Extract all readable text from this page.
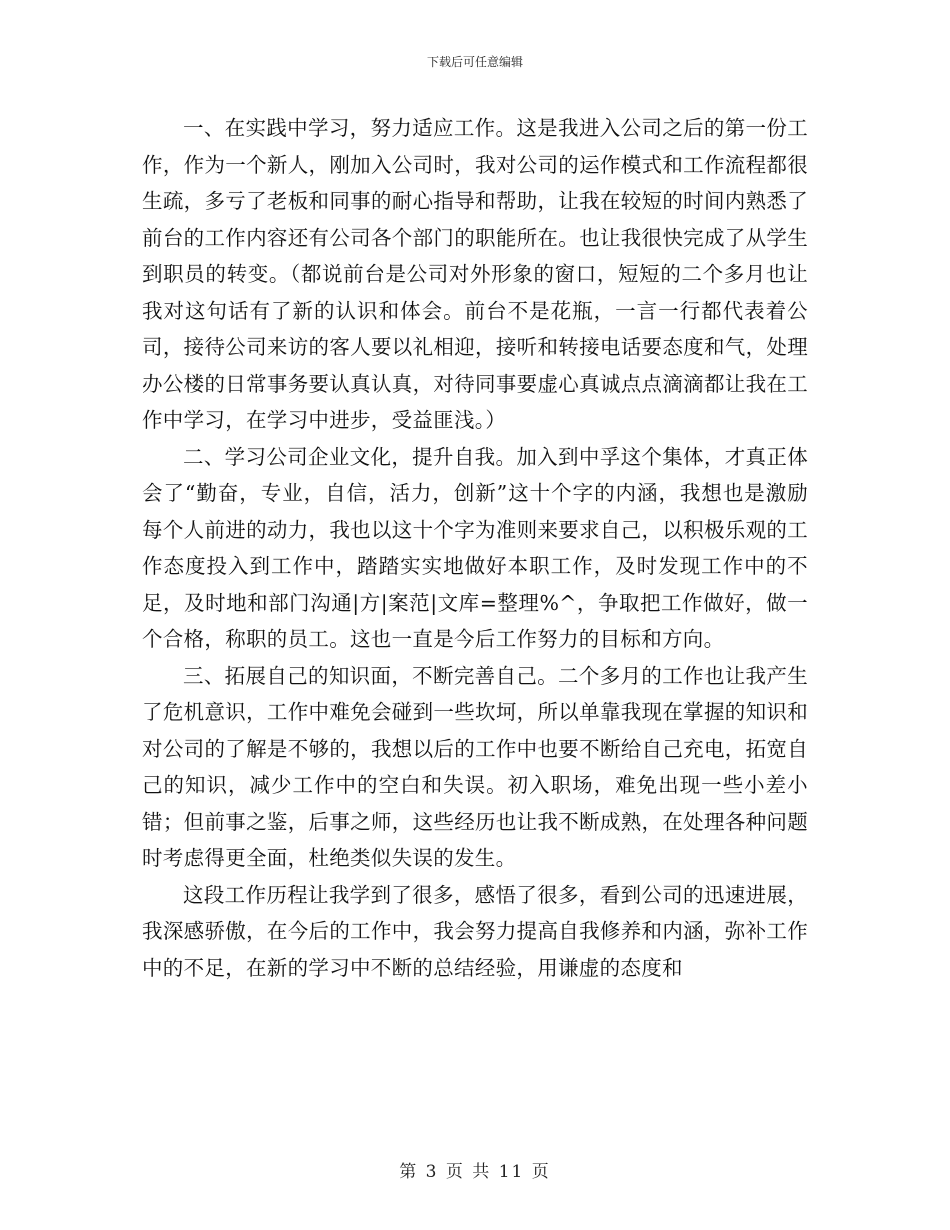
下载后可任意编辑

一、在实践中学习，努力适应工作。这是我进入公司之后的第一份工作，作为一个新人，刚加入公司时，我对公司的运作模式和工作流程都很生疏，多亏了老板和同事的耐心指导和帮助，让我在较短的时间内熟悉了前台的工作内容还有公司各个部门的职能所在。也让我很快完成了从学生到职员的转变。（都说前台是公司对外形象的窗口，短短的二个多月也让我对这句话有了新的认识和体会。前台不是花瓶，一言一行都代表着公司，接待公司来访的客人要以礼相迎，接听和转接电话要态度和气，处理办公楼的日常事务要认真认真，对待同事要虚心真诚点点滴滴都让我在工作中学习，在学习中进步，受益匪浅。）

二、学习公司企业文化，提升自我。加入到中孚这个集体，才真正体会了“勤奋，专业，自信，活力，创新”这十个字的内涵，我想也是激励每个人前进的动力，我也以这十个字为准则来要求自己，以积极乐观的工作态度投入到工作中，踏踏实实地做好本职工作，及时发现工作中的不足，及时地和部门沟通|方|案范|文库=整理%^，争取把工作做好，做一个合格，称职的员工。这也一直是今后工作努力的目标和方向。

三、拓展自己的知识面，不断完善自己。二个多月的工作也让我产生了危机意识，工作中难免会碰到一些坎坷，所以单靠我现在掌握的知识和对公司的了解是不够的，我想以后的工作中也要不断给自己充电，拓宽自己的知识，减少工作中的空白和失误。初入职场，难免出现一些小差小错；但前事之鉴，后事之师，这些经历也让我不断成熟，在处理各种问题时考虑得更全面，杜绝类似失误的发生。

这段工作历程让我学到了很多，感悟了很多，看到公司的迅速进展，我深感骄傲，在今后的工作中，我会努力提高自我修养和内涵，弥补工作中的不足，在新的学习中不断的总结经验，用谦虚的态度和

第 3 页 共 11 页
